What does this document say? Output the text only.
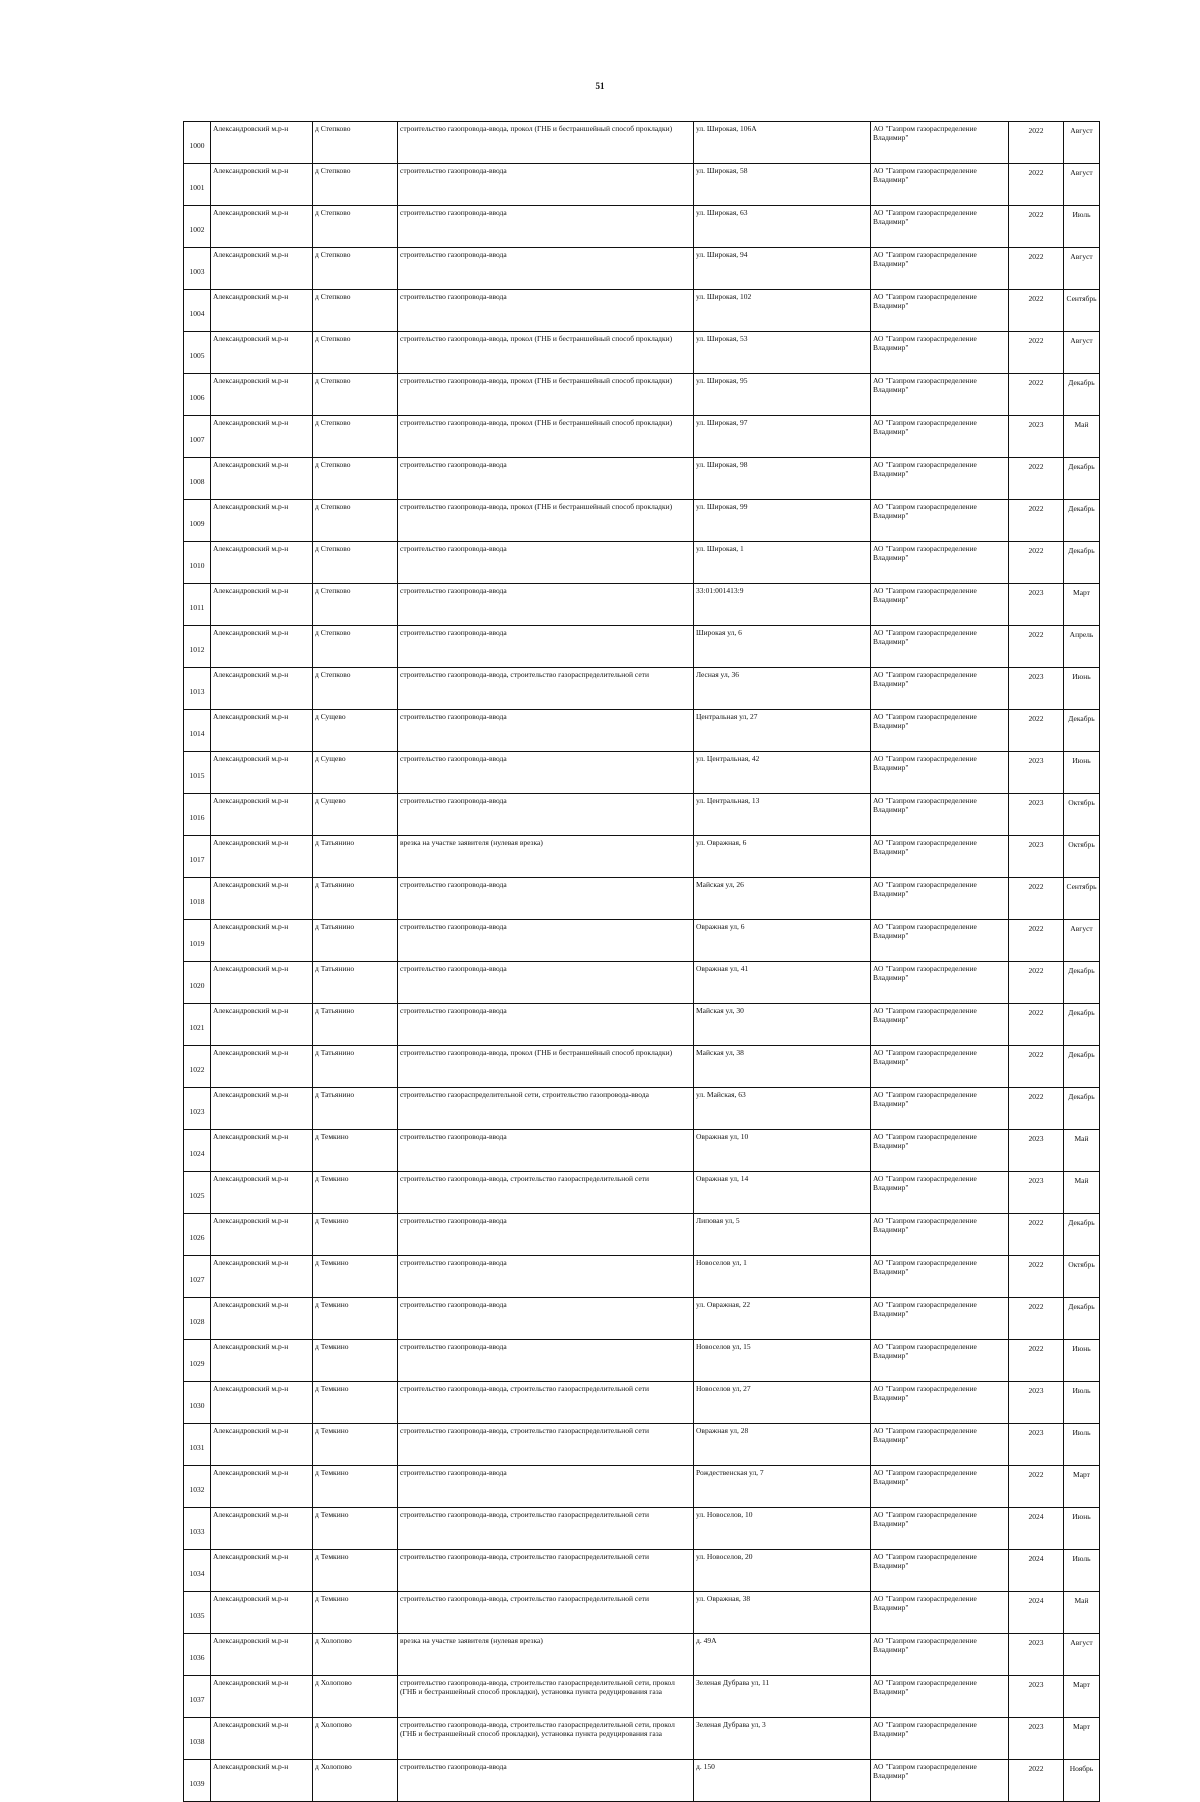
51
1000	Александровский м.р-н	д Степково	строительство газопровода-ввода, прокол (ГНБ и бестраншейный способ прокладки)	ул. Широкая, 106А	АО "Газпром газораспределение Владимир"	2022	Август
1001	Александровский м.р-н	д Степково	строительство газопровода-ввода	ул. Широкая, 58	АО "Газпром газораспределение Владимир"	2022	Август
1002	Александровский м.р-н	д Степково	строительство газопровода-ввода	ул. Широкая, 63	АО "Газпром газораспределение Владимир"	2022	Июль
1003	Александровский м.р-н	д Степково	строительство газопровода-ввода	ул. Широкая, 94	АО "Газпром газораспределение Владимир"	2022	Август
1004	Александровский м.р-н	д Степково	строительство газопровода-ввода	ул. Широкая, 102	АО "Газпром газораспределение Владимир"	2022	Сентябрь
1005	Александровский м.р-н	д Степково	строительство газопровода-ввода, прокол (ГНБ и бестраншейный способ прокладки)	ул. Широкая, 53	АО "Газпром газораспределение Владимир"	2022	Август
1006	Александровский м.р-н	д Степково	строительство газопровода-ввода, прокол (ГНБ и бестраншейный способ прокладки)	ул. Широкая, 95	АО "Газпром газораспределение Владимир"	2022	Декабрь
1007	Александровский м.р-н	д Степково	строительство газопровода-ввода, прокол (ГНБ и бестраншейный способ прокладки)	ул. Широкая, 97	АО "Газпром газораспределение Владимир"	2023	Май
1008	Александровский м.р-н	д Степково	строительство газопровода-ввода	ул. Широкая, 98	АО "Газпром газораспределение Владимир"	2022	Декабрь
1009	Александровский м.р-н	д Степково	строительство газопровода-ввода, прокол (ГНБ и бестраншейный способ прокладки)	ул. Широкая, 99	АО "Газпром газораспределение Владимир"	2022	Декабрь
1010	Александровский м.р-н	д Степково	строительство газопровода-ввода	ул. Широкая, 1	АО "Газпром газораспределение Владимир"	2022	Декабрь
1011	Александровский м.р-н	д Степково	строительство газопровода-ввода	33:01:001413:9	АО "Газпром газораспределение Владимир"	2023	Март
1012	Александровский м.р-н	д Степково	строительство газопровода-ввода	Широкая ул, 6	АО "Газпром газораспределение Владимир"	2022	Апрель
1013	Александровский м.р-н	д Степково	строительство газопровода-ввода, строительство газораспределительной сети	Лесная ул, 36	АО "Газпром газораспределение Владимир"	2023	Июнь
1014	Александровский м.р-н	д Сущево	строительство газопровода-ввода	Центральная ул, 27	АО "Газпром газораспределение Владимир"	2022	Декабрь
1015	Александровский м.р-н	д Сущево	строительство газопровода-ввода	ул. Центральная, 42	АО "Газпром газораспределение Владимир"	2023	Июнь
1016	Александровский м.р-н	д Сущево	строительство газопровода-ввода	ул. Центральная, 13	АО "Газпром газораспределение Владимир"	2023	Октябрь
1017	Александровский м.р-н	д Татьянино	врезка на участке заявителя (нулевая врезка)	ул. Овражная, 6	АО "Газпром газораспределение Владимир"	2023	Октябрь
1018	Александровский м.р-н	д Татьянино	строительство газопровода-ввода	Майская ул, 26	АО "Газпром газораспределение Владимир"	2022	Сентябрь
1019	Александровский м.р-н	д Татьянино	строительство газопровода-ввода	Овражная ул, 6	АО "Газпром газораспределение Владимир"	2022	Август
1020	Александровский м.р-н	д Татьянино	строительство газопровода-ввода	Овражная ул, 41	АО "Газпром газораспределение Владимир"	2022	Декабрь
1021	Александровский м.р-н	д Татьянино	строительство газопровода-ввода	Майская ул, 30	АО "Газпром газораспределение Владимир"	2022	Декабрь
1022	Александровский м.р-н	д Татьянино	строительство газопровода-ввода, прокол (ГНБ и бестраншейный способ прокладки)	Майская ул, 38	АО "Газпром газораспределение Владимир"	2022	Декабрь
1023	Александровский м.р-н	д Татьянино	строительство газораспределительной сети, строительство газопровода-ввода	ул. Майская, 63	АО "Газпром газораспределение Владимир"	2022	Декабрь
1024	Александровский м.р-н	д Темкино	строительство газопровода-ввода	Овражная ул, 10	АО "Газпром газораспределение Владимир"	2023	Май
1025	Александровский м.р-н	д Темкино	строительство газопровода-ввода, строительство газораспределительной сети	Овражная ул, 14	АО "Газпром газораспределение Владимир"	2023	Май
1026	Александровский м.р-н	д Темкино	строительство газопровода-ввода	Липовая ул, 5	АО "Газпром газораспределение Владимир"	2022	Декабрь
1027	Александровский м.р-н	д Темкино	строительство газопровода-ввода	Новоселов ул, 1	АО "Газпром газораспределение Владимир"	2022	Октябрь
1028	Александровский м.р-н	д Темкино	строительство газопровода-ввода	ул. Овражная, 22	АО "Газпром газораспределение Владимир"	2022	Декабрь
1029	Александровский м.р-н	д Темкино	строительство газопровода-ввода	Новоселов ул, 15	АО "Газпром газораспределение Владимир"	2022	Июнь
1030	Александровский м.р-н	д Темкино	строительство газопровода-ввода, строительство газораспределительной сети	Новоселов ул, 27	АО "Газпром газораспределение Владимир"	2023	Июль
1031	Александровский м.р-н	д Темкино	строительство газопровода-ввода, строительство газораспределительной сети	Овражная ул, 28	АО "Газпром газораспределение Владимир"	2023	Июль
1032	Александровский м.р-н	д Темкино	строительство газопровода-ввода	Рождественская ул, 7	АО "Газпром газораспределение Владимир"	2022	Март
1033	Александровский м.р-н	д Темкино	строительство газопровода-ввода, строительство газораспределительной сети	ул. Новоселов, 10	АО "Газпром газораспределение Владимир"	2024	Июнь
1034	Александровский м.р-н	д Темкино	строительство газопровода-ввода, строительство газораспределительной сети	ул. Новоселов, 20	АО "Газпром газораспределение Владимир"	2024	Июль
1035	Александровский м.р-н	д Темкино	строительство газопровода-ввода, строительство газораспределительной сети	ул. Овражная, 38	АО "Газпром газораспределение Владимир"	2024	Май
1036	Александровский м.р-н	д Холопово	врезка на участке заявителя (нулевая врезка)	д. 49А	АО "Газпром газораспределение Владимир"	2023	Август
1037	Александровский м.р-н	д Холопово	строительство газопровода-ввода, строительство газораспределительной сети, прокол (ГНБ и бестраншейный способ прокладки), установка пункта редуцирования газа	Зеленая Дубрава ул, 11	АО "Газпром газораспределение Владимир"	2023	Март
1038	Александровский м.р-н	д Холопово	строительство газопровода-ввода, строительство газораспределительной сети, прокол (ГНБ и бестраншейный способ прокладки), установка пункта редуцирования газа	Зеленая Дубрава ул, 3	АО "Газпром газораспределение Владимир"	2023	Март
1039	Александровский м.р-н	д Холопово	строительство газопровода-ввода	д. 150	АО "Газпром газораспределение Владимир"	2022	Ноябрь
